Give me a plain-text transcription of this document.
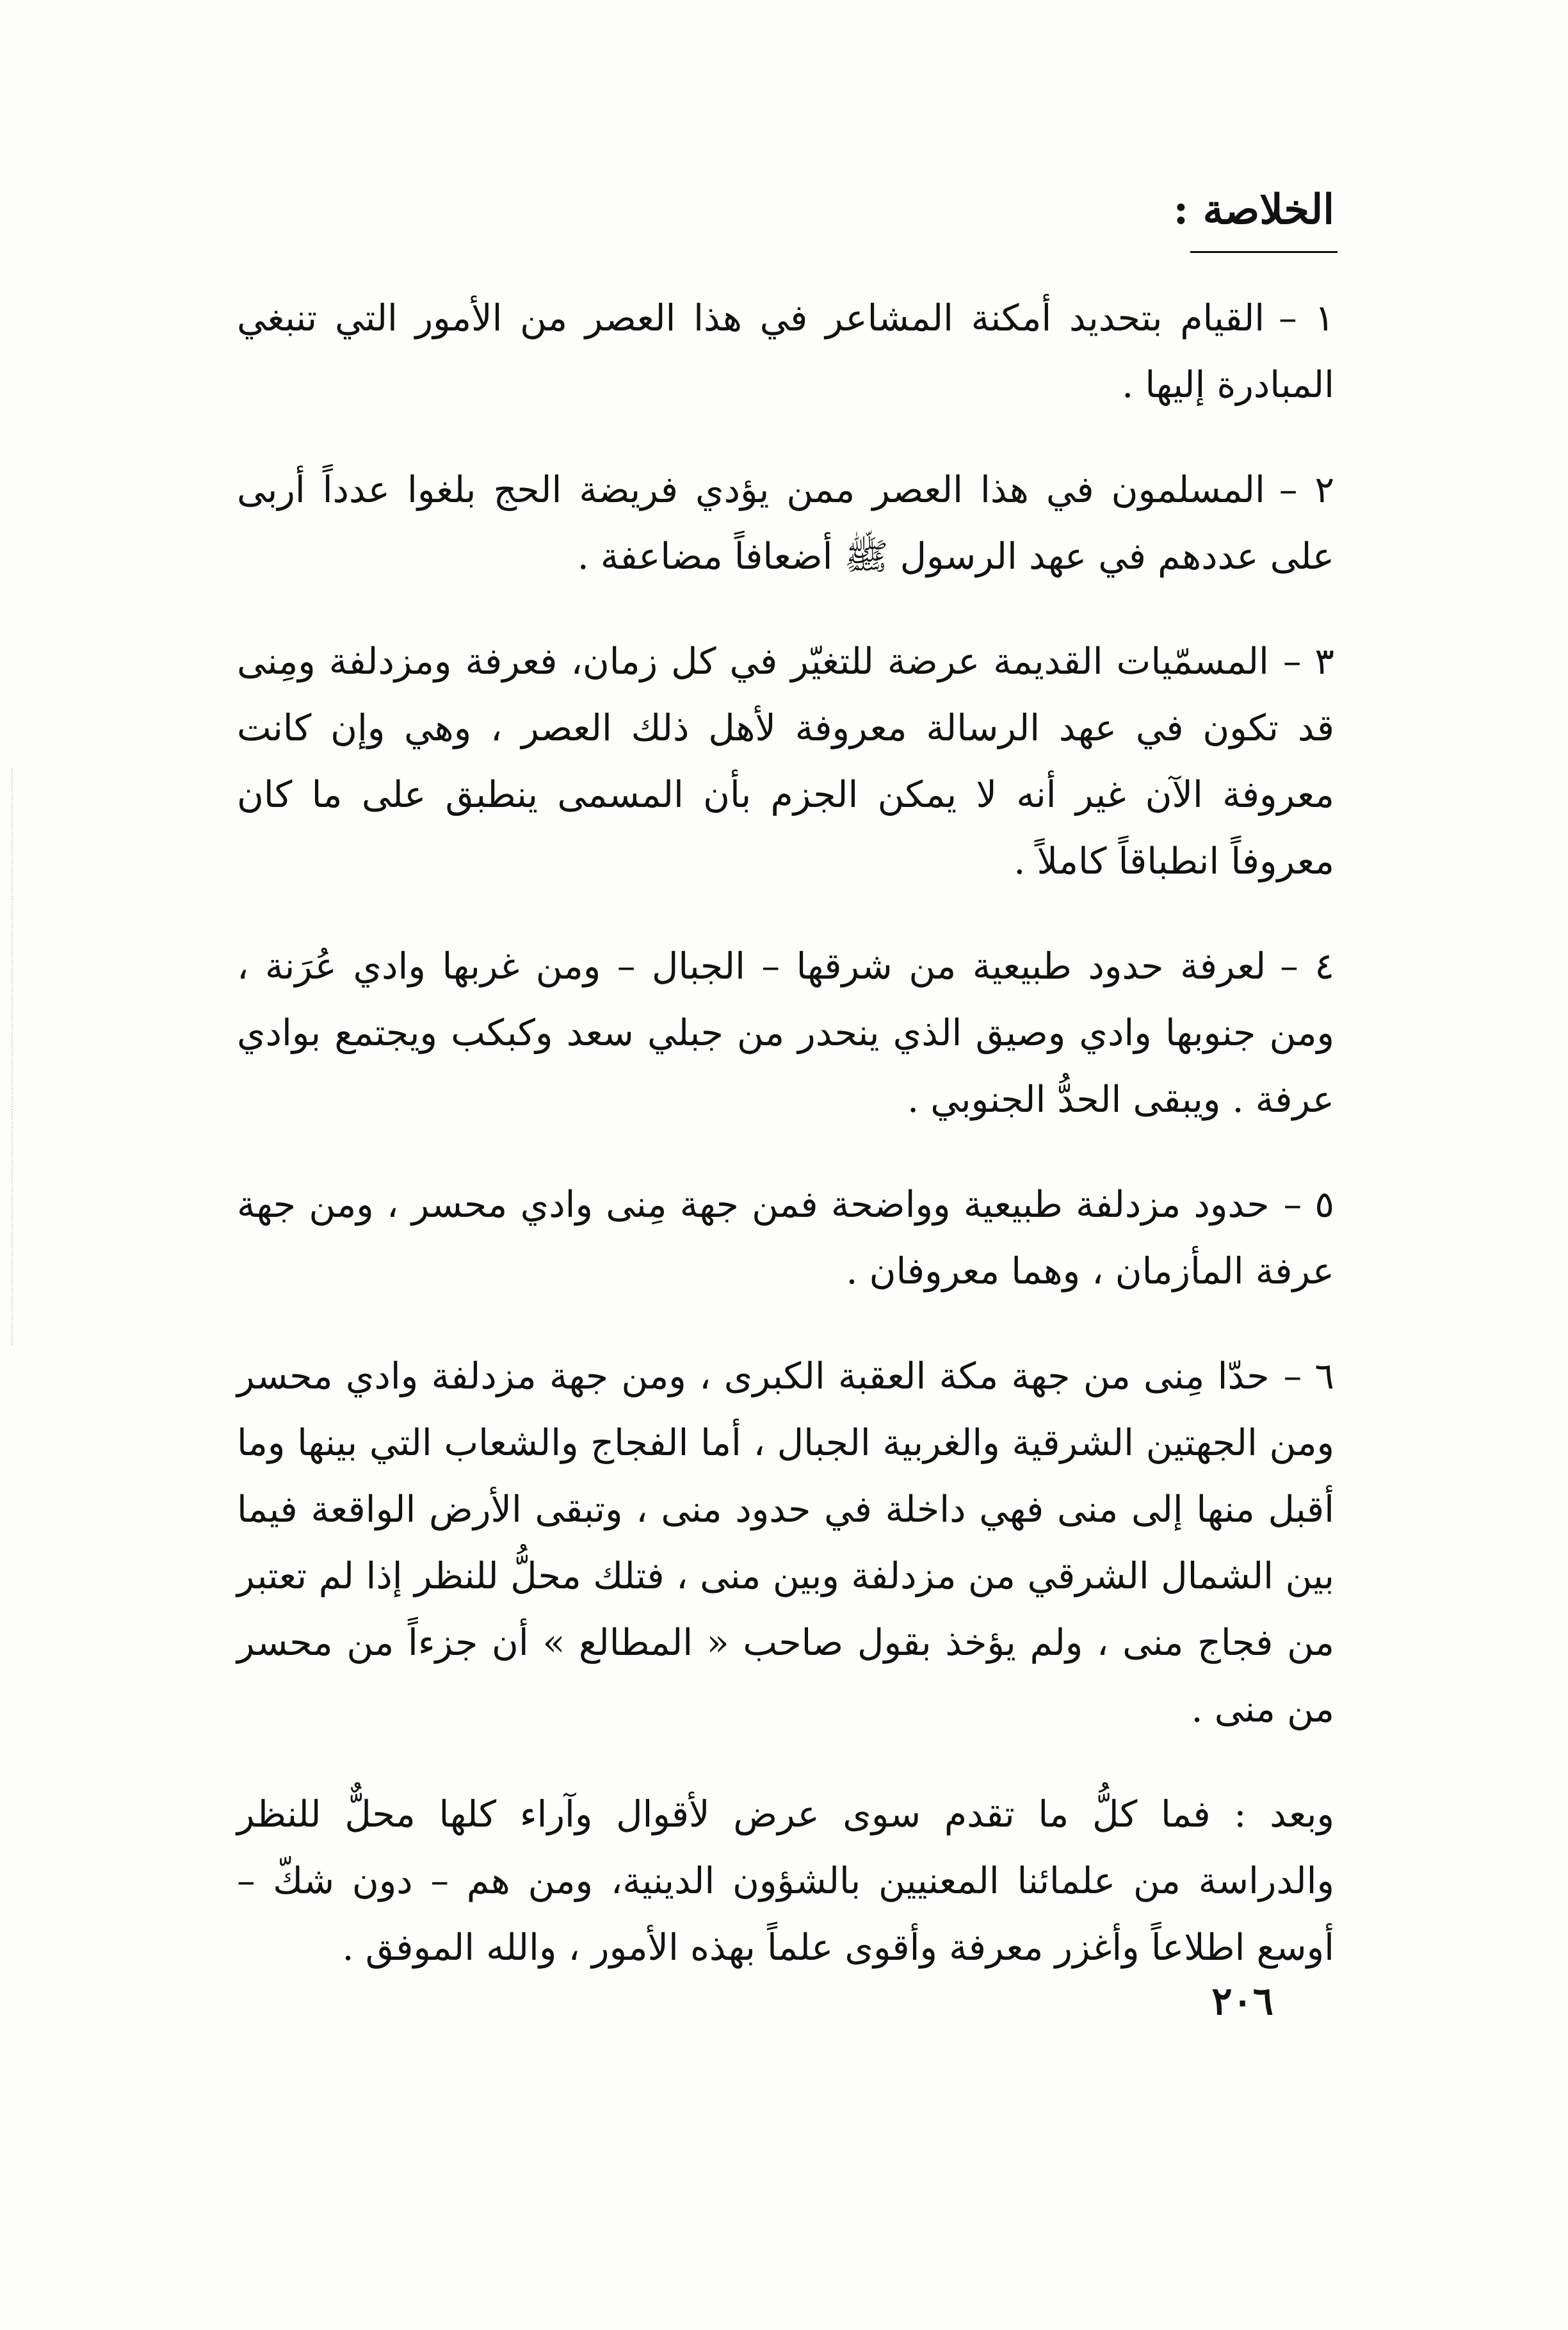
الخلاصة :

١ –القيام بتحديد أمكنة المشاعر في هذا العصر من الأمور التي تنبغي المبادرة إليها .

٢ –المسلمون في هذا العصر ممن يؤدي فريضة الحج بلغوا عدداً أربى على عددهم في عهد الرسول ﷺ أضعافاً مضاعفة .

٣ –المسمّيات القديمة عرضة للتغيّر في كل زمان، فعرفة ومزدلفة ومِنى قد تكون في عهد الرسالة معروفة لأهل ذلك العصر ، وهي وإن كانت معروفة الآن غير أنه لا يمكن الجزم بأن المسمى ينطبق على ما كان معروفاً انطباقاً كاملاً .

٤ –لعرفة حدود طبيعية من شرقها – الجبال – ومن غربها وادي عُرَنة ، ومن جنوبها وادي وصيق الذي ينحدر من جبلي سعد وكبكب ويجتمع بوادي عرفة . ويبقى الحدُّ الجنوبي .

٥ –حدود مزدلفة طبيعية وواضحة فمن جهة مِنى وادي محسر ، ومن جهة عرفة المأزمان ، وهما معروفان .

٦ –حدّا مِنى من جهة مكة العقبة الكبرى ، ومن جهة مزدلفة وادي محسر ومن الجهتين الشرقية والغربية الجبال ، أما الفجاج والشعاب التي بينها وما أقبل منها إلى منى فهي داخلة في حدود منى ، وتبقى الأرض الواقعة فيما بين الشمال الشرقي من مزدلفة وبين منى ، فتلك محلُّ للنظر إذا لم تعتبر من فجاج منى ، ولم يؤخذ بقول صاحب « المطالع » أن جزءاً من محسر من منى .

وبعد : فما كلُّ ما تقدم سوى عرض لأقوال وآراء كلها محلٌّ للنظر والدراسة من علمائنا المعنيين بالشؤون الدينية، ومن هم – دون شكّ – أوسع اطلاعاً وأغزر معرفة وأقوى علماً بهذه الأمور ، والله الموفق .

٢٠٦
